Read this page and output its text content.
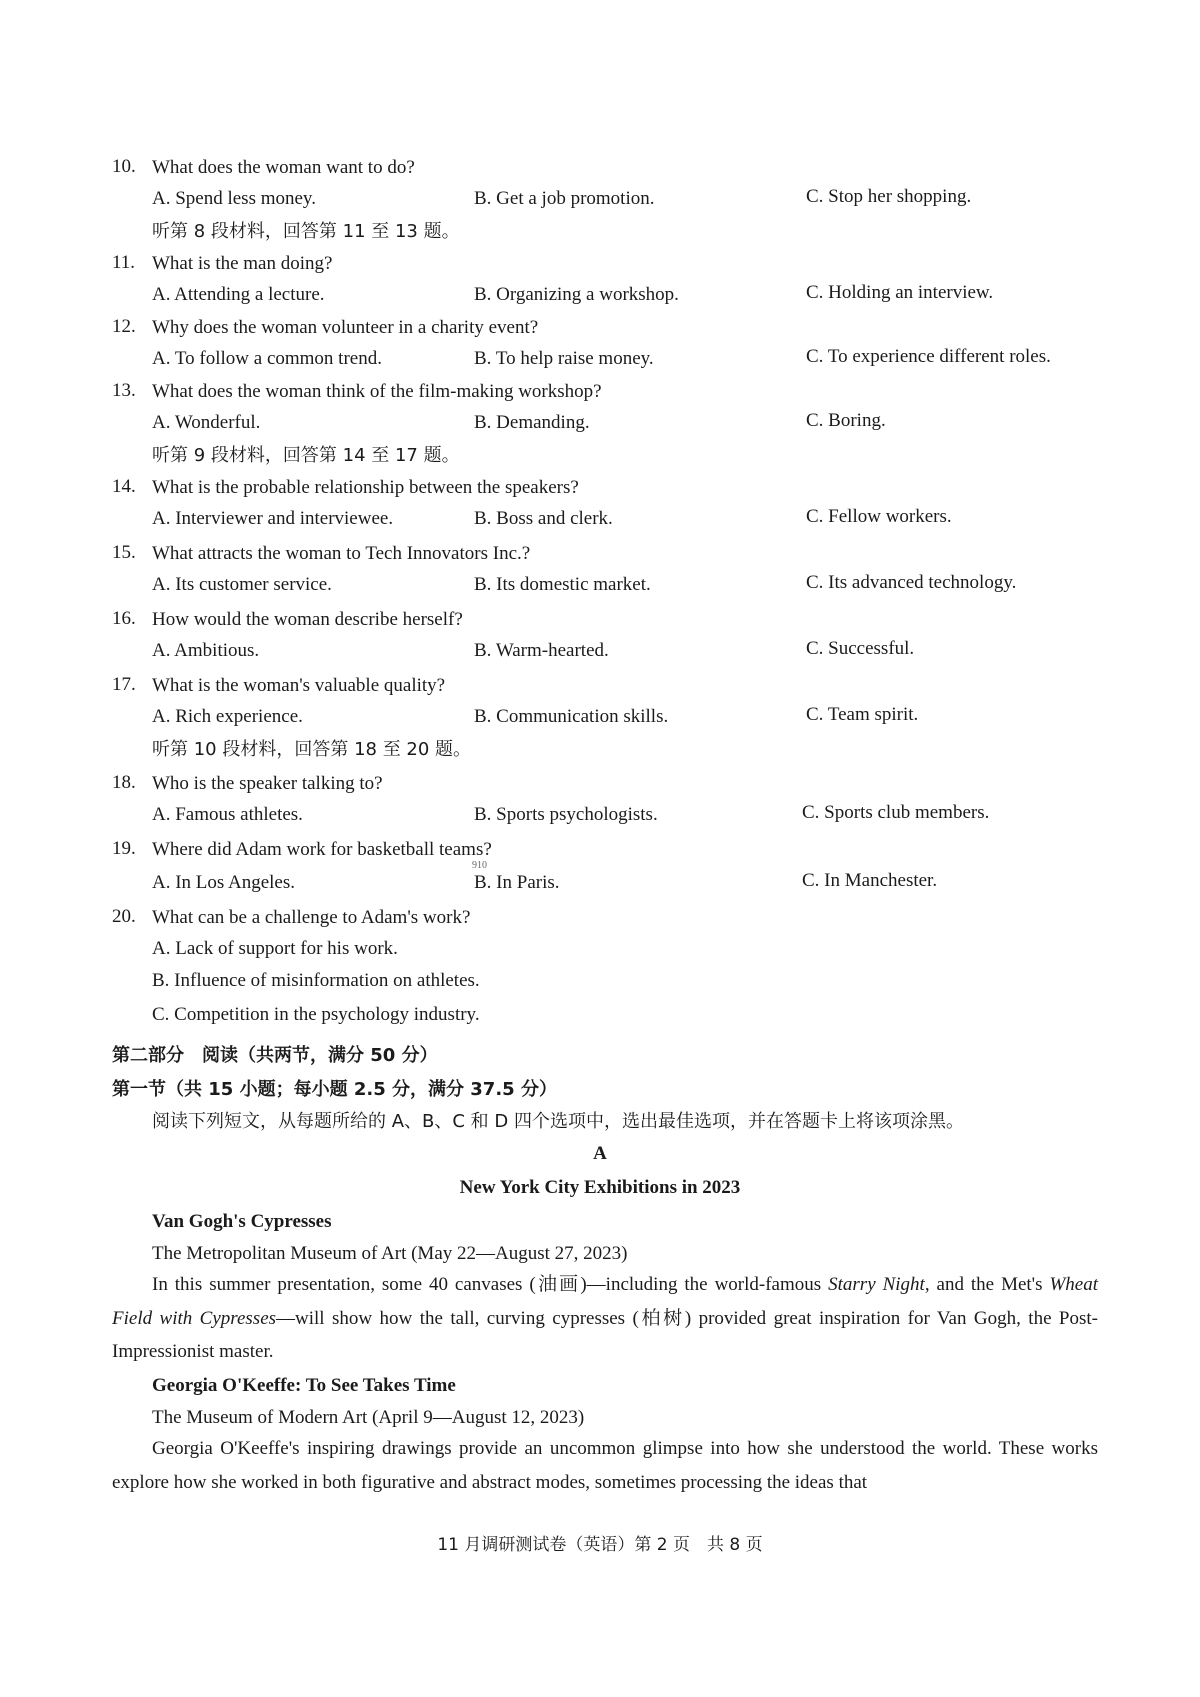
10. What does the woman want to do?
A. Spend less money.	B. Get a job promotion.	C. Stop her shopping.
听第 8 段材料，回答第 11 至 13 题。
11. What is the man doing?
A. Attending a lecture.	B. Organizing a workshop.	C. Holding an interview.
12. Why does the woman volunteer in a charity event?
A. To follow a common trend.	B. To help raise money.	C. To experience different roles.
13. What does the woman think of the film-making workshop?
A. Wonderful.	B. Demanding.	C. Boring.
听第 9 段材料，回答第 14 至 17 题。
14. What is the probable relationship between the speakers?
A. Interviewer and interviewee.	B. Boss and clerk.	C. Fellow workers.
15. What attracts the woman to Tech Innovators Inc.?
A. Its customer service.	B. Its domestic market.	C. Its advanced technology.
16. How would the woman describe herself?
A. Ambitious.	B. Warm-hearted.	C. Successful.
17. What is the woman's valuable quality?
A. Rich experience.	B. Communication skills.	C. Team spirit.
听第 10 段材料，回答第 18 至 20 题。
18. Who is the speaker talking to?
A. Famous athletes.	B. Sports psychologists.	C. Sports club members.
19. Where did Adam work for basketball teams?
910
A. In Los Angeles.	B. In Paris.	C. In Manchester.
20. What can be a challenge to Adam's work?
A. Lack of support for his work.
B. Influence of misinformation on athletes.
C. Competition in the psychology industry.
第二部分　阅读（共两节，满分 50 分）
第一节（共 15 小题；每小题 2.5 分，满分 37.5 分）
阅读下列短文，从每题所给的 A、B、C 和 D 四个选项中，选出最佳选项，并在答题卡上将该项涂黑。
A
New York City Exhibitions in 2023
Van Gogh's Cypresses
The Metropolitan Museum of Art (May 22—August 27, 2023)
In this summer presentation, some 40 canvases (油画)—including the world-famous Starry Night, and the Met's Wheat Field with Cypresses—will show how the tall, curving cypresses (柏树) provided great inspiration for Van Gogh, the Post-Impressionist master.
Georgia O'Keeffe: To See Takes Time
The Museum of Modern Art (April 9—August 12, 2023)
Georgia O'Keeffe's inspiring drawings provide an uncommon glimpse into how she understood the world. These works explore how she worked in both figurative and abstract modes, sometimes processing the ideas that
11 月调研测试卷（英语）第 2 页　共 8 页
